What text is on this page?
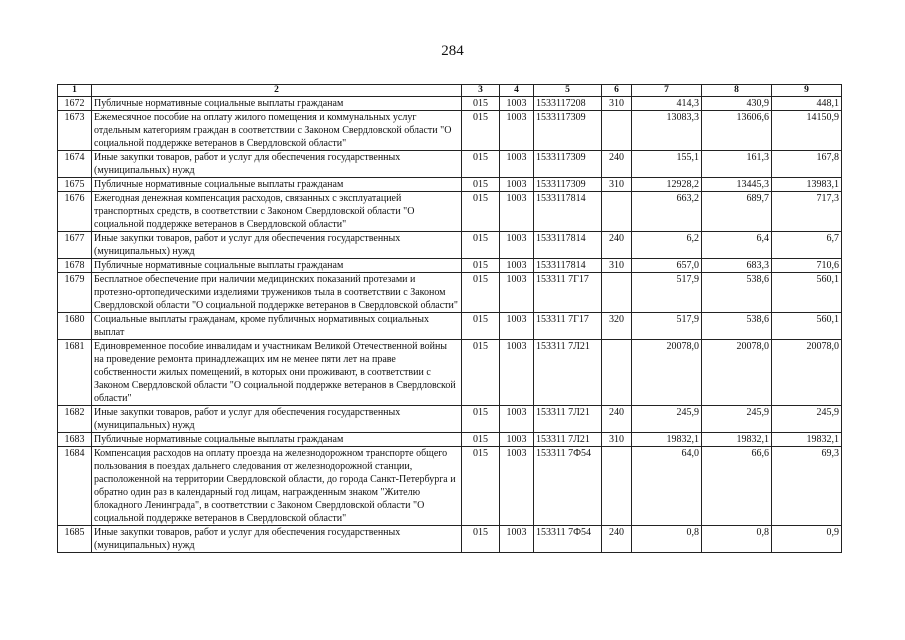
284
1	2	3	4	5	6	7	8	9
1672	Публичные нормативные социальные выплаты гражданам	015	1003	1533117208	310	414,3	430,9	448,1
1673	Ежемесячное пособие на оплату жилого помещения и коммунальных услуг отдельным категориям граждан в соответствии с Законом Свердловской области "О социальной поддержке ветеранов в Свердловской области"	015	1003	1533117309		13083,3	13606,6	14150,9
1674	Иные закупки товаров, работ и услуг для обеспечения государственных (муниципальных) нужд	015	1003	1533117309	240	155,1	161,3	167,8
1675	Публичные нормативные социальные выплаты гражданам	015	1003	1533117309	310	12928,2	13445,3	13983,1
1676	Ежегодная денежная компенсация расходов, связанных с эксплуатацией транспортных средств, в соответствии с Законом Свердловской области "О социальной поддержке ветеранов в Свердловской области"	015	1003	1533117814		663,2	689,7	717,3
1677	Иные закупки товаров, работ и услуг для обеспечения государственных (муниципальных) нужд	015	1003	1533117814	240	6,2	6,4	6,7
1678	Публичные нормативные социальные выплаты гражданам	015	1003	1533117814	310	657,0	683,3	710,6
1679	Бесплатное обеспечение при наличии медицинских показаний протезами и протезно-ортопедическими изделиями тружеников тыла в соответствии с Законом Свердловской области "О социальной поддержке ветеранов в Свердловской области"	015	1003	153311 7Г17		517,9	538,6	560,1
1680	Социальные выплаты гражданам, кроме публичных нормативных социальных выплат	015	1003	153311 7Г17	320	517,9	538,6	560,1
1681	Единовременное пособие инвалидам и участникам Великой Отечественной войны на проведение ремонта принадлежащих им не менее пяти лет на праве собственности жилых помещений, в которых они проживают, в соответствии с Законом Свердловской области "О социальной поддержке ветеранов в Свердловской области"	015	1003	153311 7Л21		20078,0	20078,0	20078,0
1682	Иные закупки товаров, работ и услуг для обеспечения государственных (муниципальных) нужд	015	1003	153311 7Л21	240	245,9	245,9	245,9
1683	Публичные нормативные социальные выплаты гражданам	015	1003	153311 7Л21	310	19832,1	19832,1	19832,1
1684	Компенсация расходов на оплату проезда на железнодорожном транспорте общего пользования в поездах дальнего следования от железнодорожной станции, расположенной на территории Свердловской области, до города Санкт-Петербурга и обратно один раз в календарный год лицам, награжденным знаком "Жителю блокадного Ленинграда", в соответствии с Законом Свердловской области "О социальной поддержке ветеранов в Свердловской области"	015	1003	153311 7Ф54		64,0	66,6	69,3
1685	Иные закупки товаров, работ и услуг для обеспечения государственных (муниципальных) нужд	015	1003	153311 7Ф54	240	0,8	0,8	0,9
